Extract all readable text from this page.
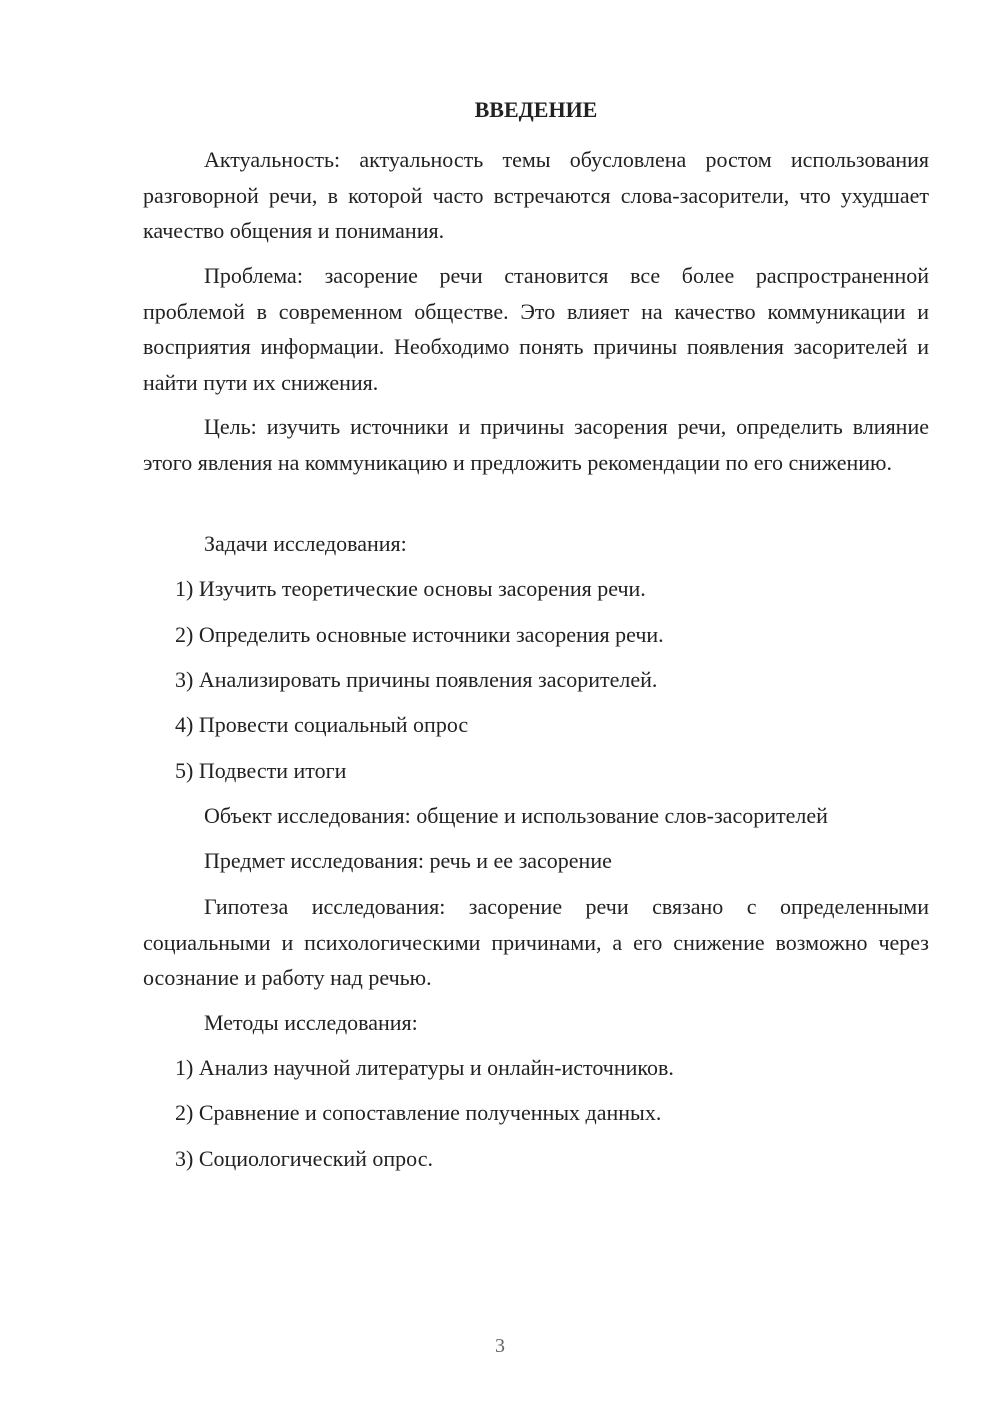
ВВЕДЕНИЕ

Актуальность: актуальность темы обусловлена ростом использования разговорной речи, в которой часто встречаются слова-засорители, что ухудшает качество общения и понимания.

Проблема: засорение речи становится все более распространенной проблемой в современном обществе. Это влияет на качество коммуникации и восприятия информации. Необходимо понять причины появления засорителей и найти пути их снижения.

Цель: изучить источники и причины засорения речи, определить влияние этого явления на коммуникацию и предложить рекомендации по его снижению.

Задачи исследования:

1) Изучить теоретические основы засорения речи.

2) Определить основные источники засорения речи.

3) Анализировать причины появления засорителей.

4) Провести социальный опрос

5) Подвести итоги

Объект исследования: общение и использование слов-засорителей

Предмет исследования: речь и ее засорение

Гипотеза исследования: засорение речи связано с определенными социальными и психологическими причинами, а его снижение возможно через осознание и работу над речью.

Методы исследования:

1) Анализ научной литературы и онлайн-источников.

2) Сравнение и сопоставление полученных данных.

3) Социологический опрос.

3
